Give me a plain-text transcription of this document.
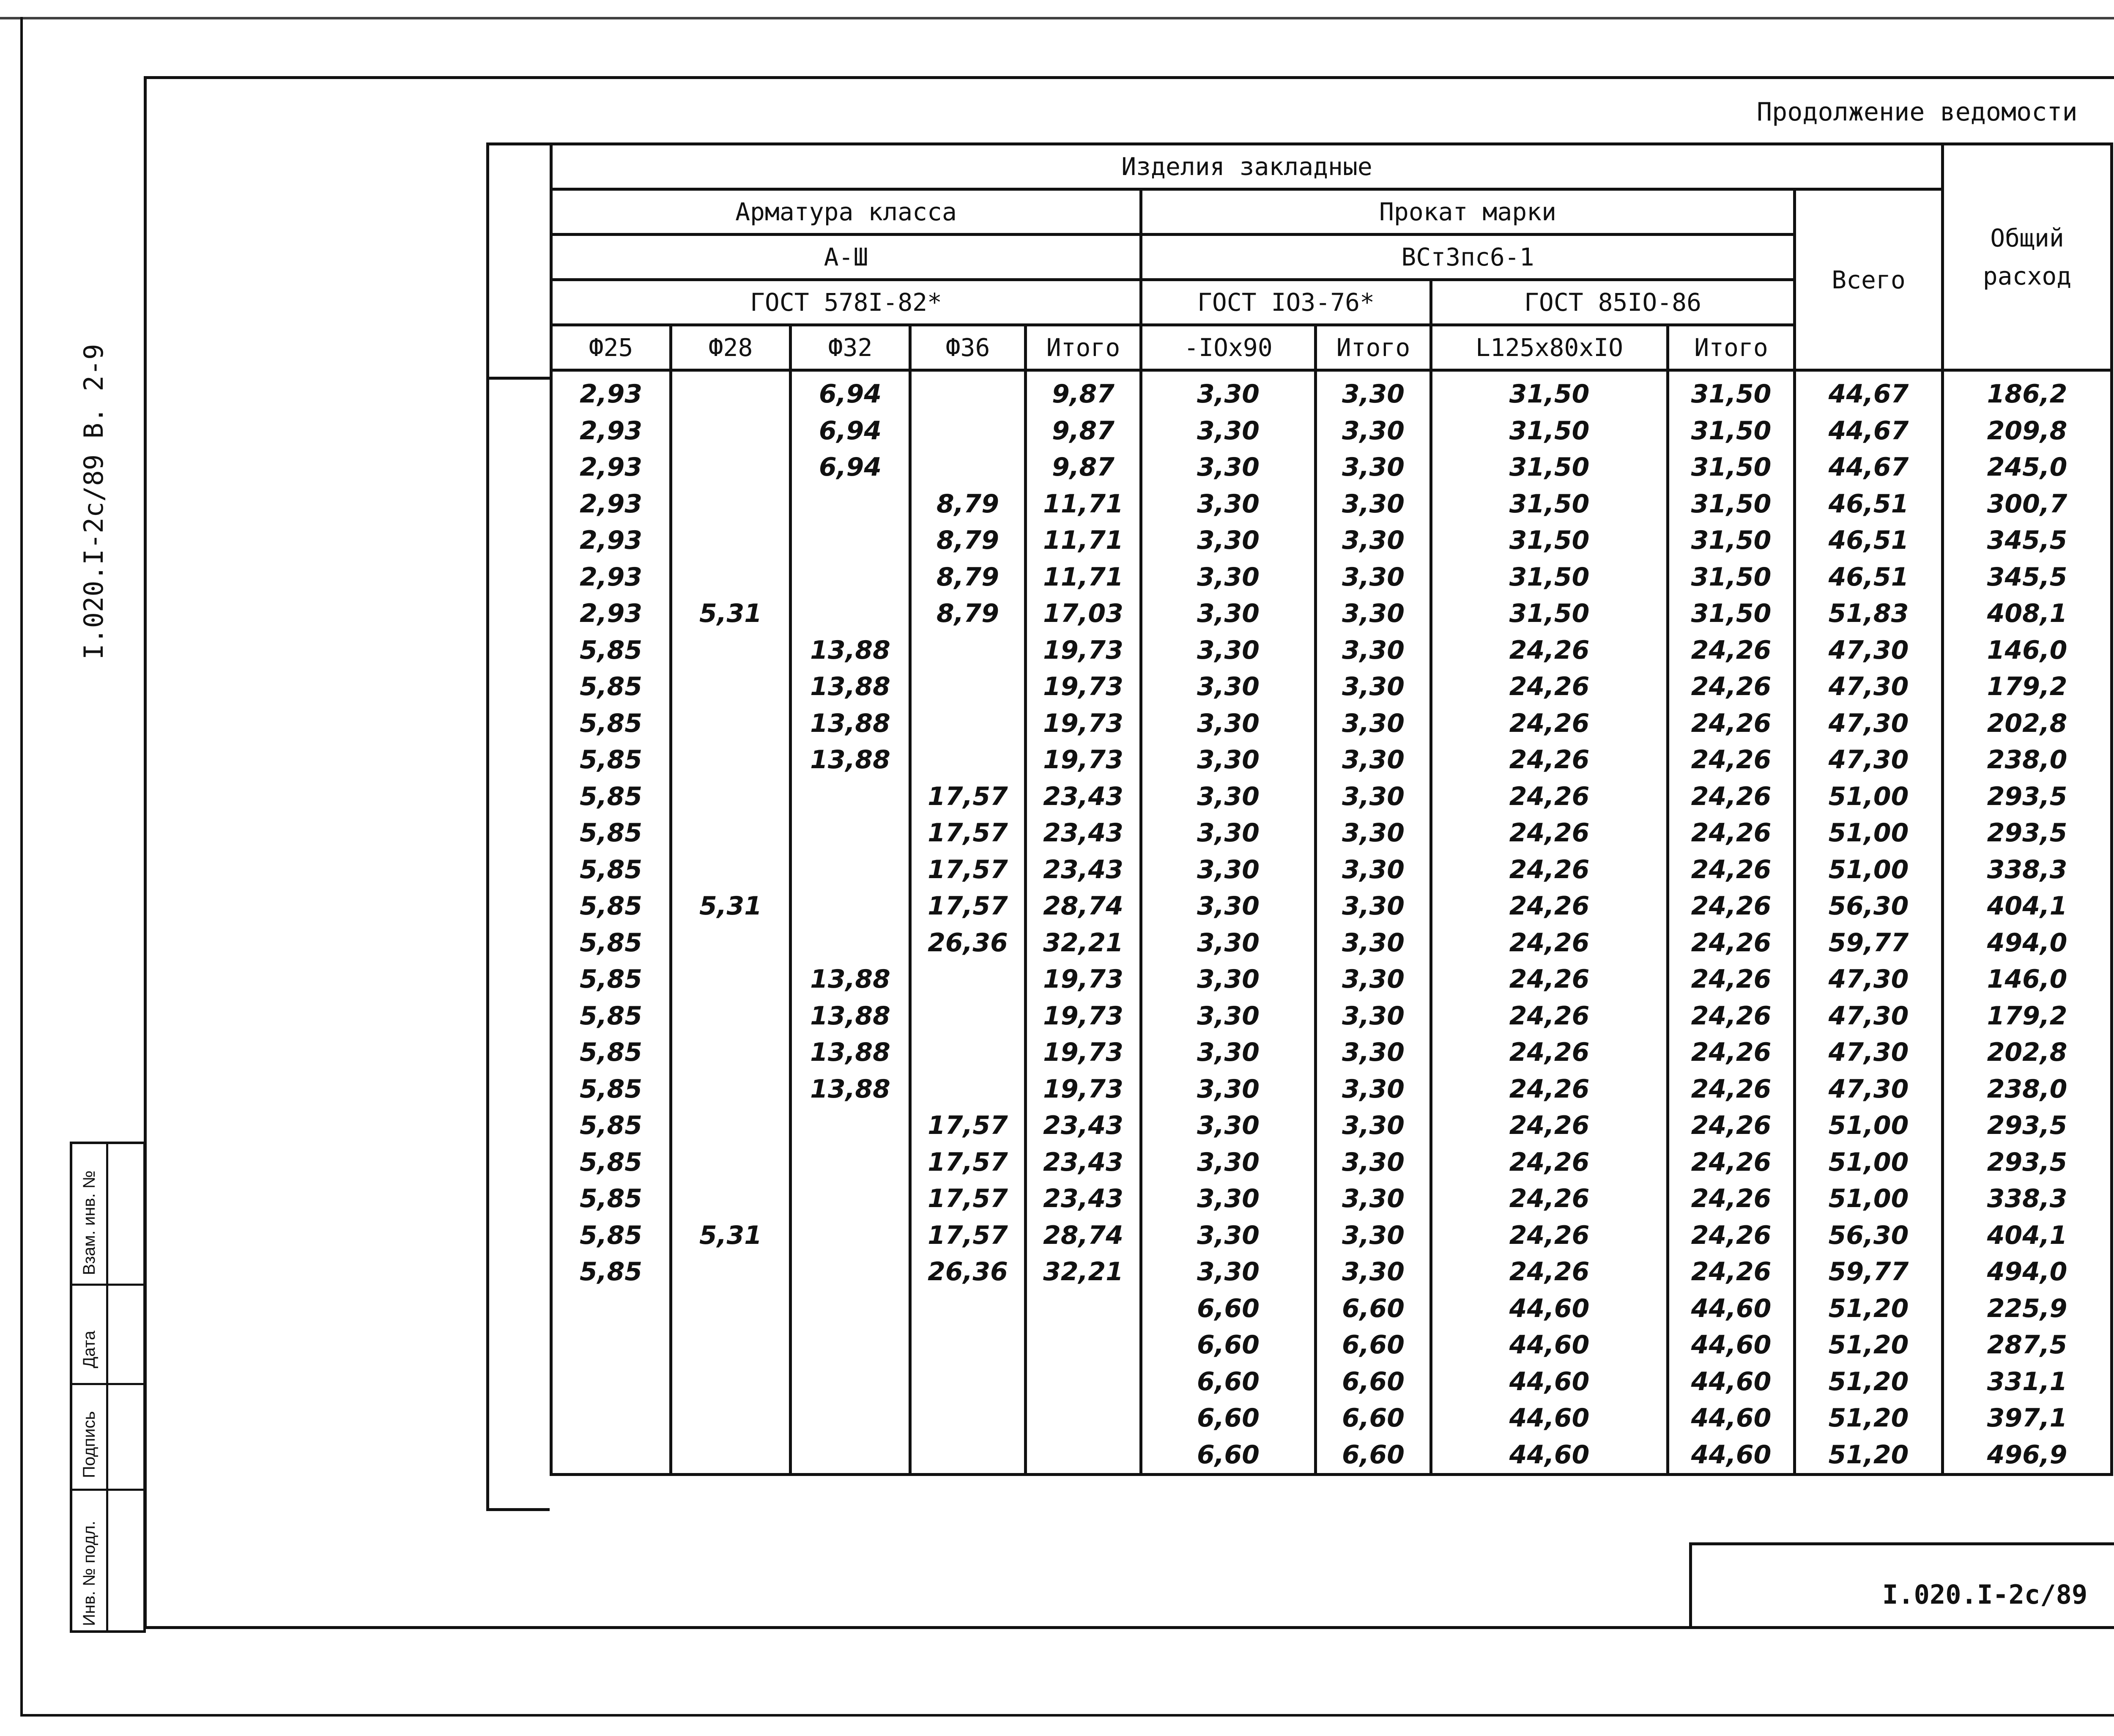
Продолжение ведомости
I.020.I-2c/89 B. 2-9
Изделия закладные										Общий расход
Арматура класса					Прокат марки				Всего	
А-Ш					ВСт3пс6-1					
ГОСТ 578I-82*					ГОСТ IO3-76*		ГОСТ 85IO-86			
Ф25	Ф28	Ф32	Ф36	Итого	-IOx90	Итого	L125x80xIO	Итого		
2,93		6,94		9,87	3,30	3,30	31,50	31,50	44,67	186,2
2,93		6,94		9,87	3,30	3,30	31,50	31,50	44,67	209,8
2,93		6,94		9,87	3,30	3,30	31,50	31,50	44,67	245,0
2,93			8,79	11,71	3,30	3,30	31,50	31,50	46,51	300,7
2,93			8,79	11,71	3,30	3,30	31,50	31,50	46,51	345,5
2,93			8,79	11,71	3,30	3,30	31,50	31,50	46,51	345,5
2,93	5,31		8,79	17,03	3,30	3,30	31,50	31,50	51,83	408,1
5,85		13,88		19,73	3,30	3,30	24,26	24,26	47,30	146,0
5,85		13,88		19,73	3,30	3,30	24,26	24,26	47,30	179,2
5,85		13,88		19,73	3,30	3,30	24,26	24,26	47,30	202,8
5,85		13,88		19,73	3,30	3,30	24,26	24,26	47,30	238,0
5,85			17,57	23,43	3,30	3,30	24,26	24,26	51,00	293,5
5,85			17,57	23,43	3,30	3,30	24,26	24,26	51,00	293,5
5,85			17,57	23,43	3,30	3,30	24,26	24,26	51,00	338,3
5,85	5,31		17,57	28,74	3,30	3,30	24,26	24,26	56,30	404,1
5,85			26,36	32,21	3,30	3,30	24,26	24,26	59,77	494,0
5,85		13,88		19,73	3,30	3,30	24,26	24,26	47,30	146,0
5,85		13,88		19,73	3,30	3,30	24,26	24,26	47,30	179,2
5,85		13,88		19,73	3,30	3,30	24,26	24,26	47,30	202,8
5,85		13,88		19,73	3,30	3,30	24,26	24,26	47,30	238,0
5,85			17,57	23,43	3,30	3,30	24,26	24,26	51,00	293,5
5,85			17,57	23,43	3,30	3,30	24,26	24,26	51,00	293,5
5,85			17,57	23,43	3,30	3,30	24,26	24,26	51,00	338,3
5,85	5,31		17,57	28,74	3,30	3,30	24,26	24,26	56,30	404,1
5,85			26,36	32,21	3,30	3,30	24,26	24,26	59,77	494,0
					6,60	6,60	44,60	44,60	51,20	225,9
					6,60	6,60	44,60	44,60	51,20	287,5
					6,60	6,60	44,60	44,60	51,20	331,1
					6,60	6,60	44,60	44,60	51,20	397,1
					6,60	6,60	44,60	44,60	51,20	496,9
Инв. № подл.
Подпись
Дата
Взам. инв. №
I.020.I-2c/89
